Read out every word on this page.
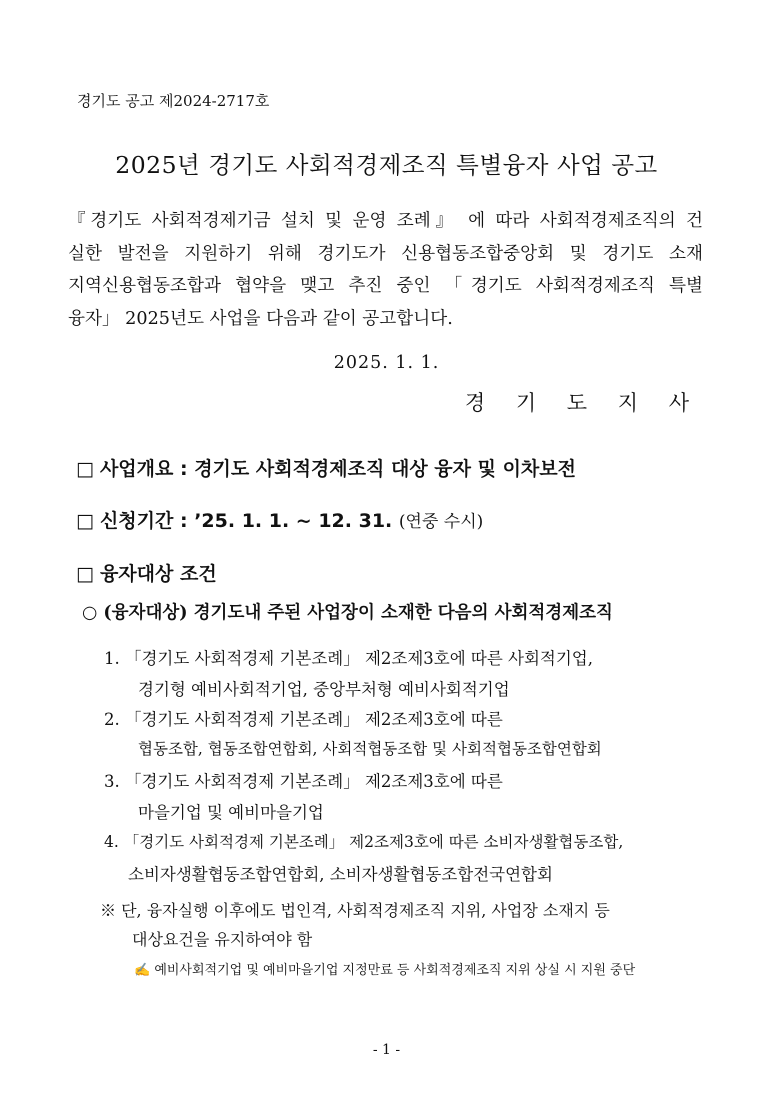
경기도 공고 제2024-2717호
2025년 경기도 사회적경제조직 특별융자 사업 공고
『경기도 사회적경제기금 설치 및 운영 조례』 에 따라 사회적경제조직의 건
실한 발전을 지원하기 위해 경기도가 신용협동조합중앙회 및 경기도 소재
지역신용협동조합과 협약을 맺고 추진 중인 「경기도 사회적경제조직 특별
융자」 2025년도 사업을 다음과 같이 공고합니다.
2025. 1. 1.
경 기 도 지 사
□ 사업개요 : 경기도 사회적경제조직 대상 융자 및 이차보전
□ 신청기간 : ’25. 1. 1. ~ 12. 31. (연중 수시)
□ 융자대상 조건
○ (융자대상) 경기도내 주된 사업장이 소재한 다음의 사회적경제조직
1. 「경기도 사회적경제 기본조례」 제2조제3호에 따른 사회적기업,
경기형 예비사회적기업, 중앙부처형 예비사회적기업
2. 「경기도 사회적경제 기본조례」 제2조제3호에 따른
협동조합, 협동조합연합회, 사회적협동조합 및 사회적협동조합연합회
3. 「경기도 사회적경제 기본조례」 제2조제3호에 따른
마을기업 및 예비마을기업
4. 「경기도 사회적경제 기본조례」 제2조제3호에 따른 소비자생활협동조합,
소비자생활협동조합연합회, 소비자생활협동조합전국연합회
※ 단, 융자실행 이후에도 법인격, 사회적경제조직 지위, 사업장 소재지 등
대상요건을 유지하여야 함
✍ 예비사회적기업 및 예비마을기업 지정만료 등 사회적경제조직 지위 상실 시 지원 중단
- 1 -
